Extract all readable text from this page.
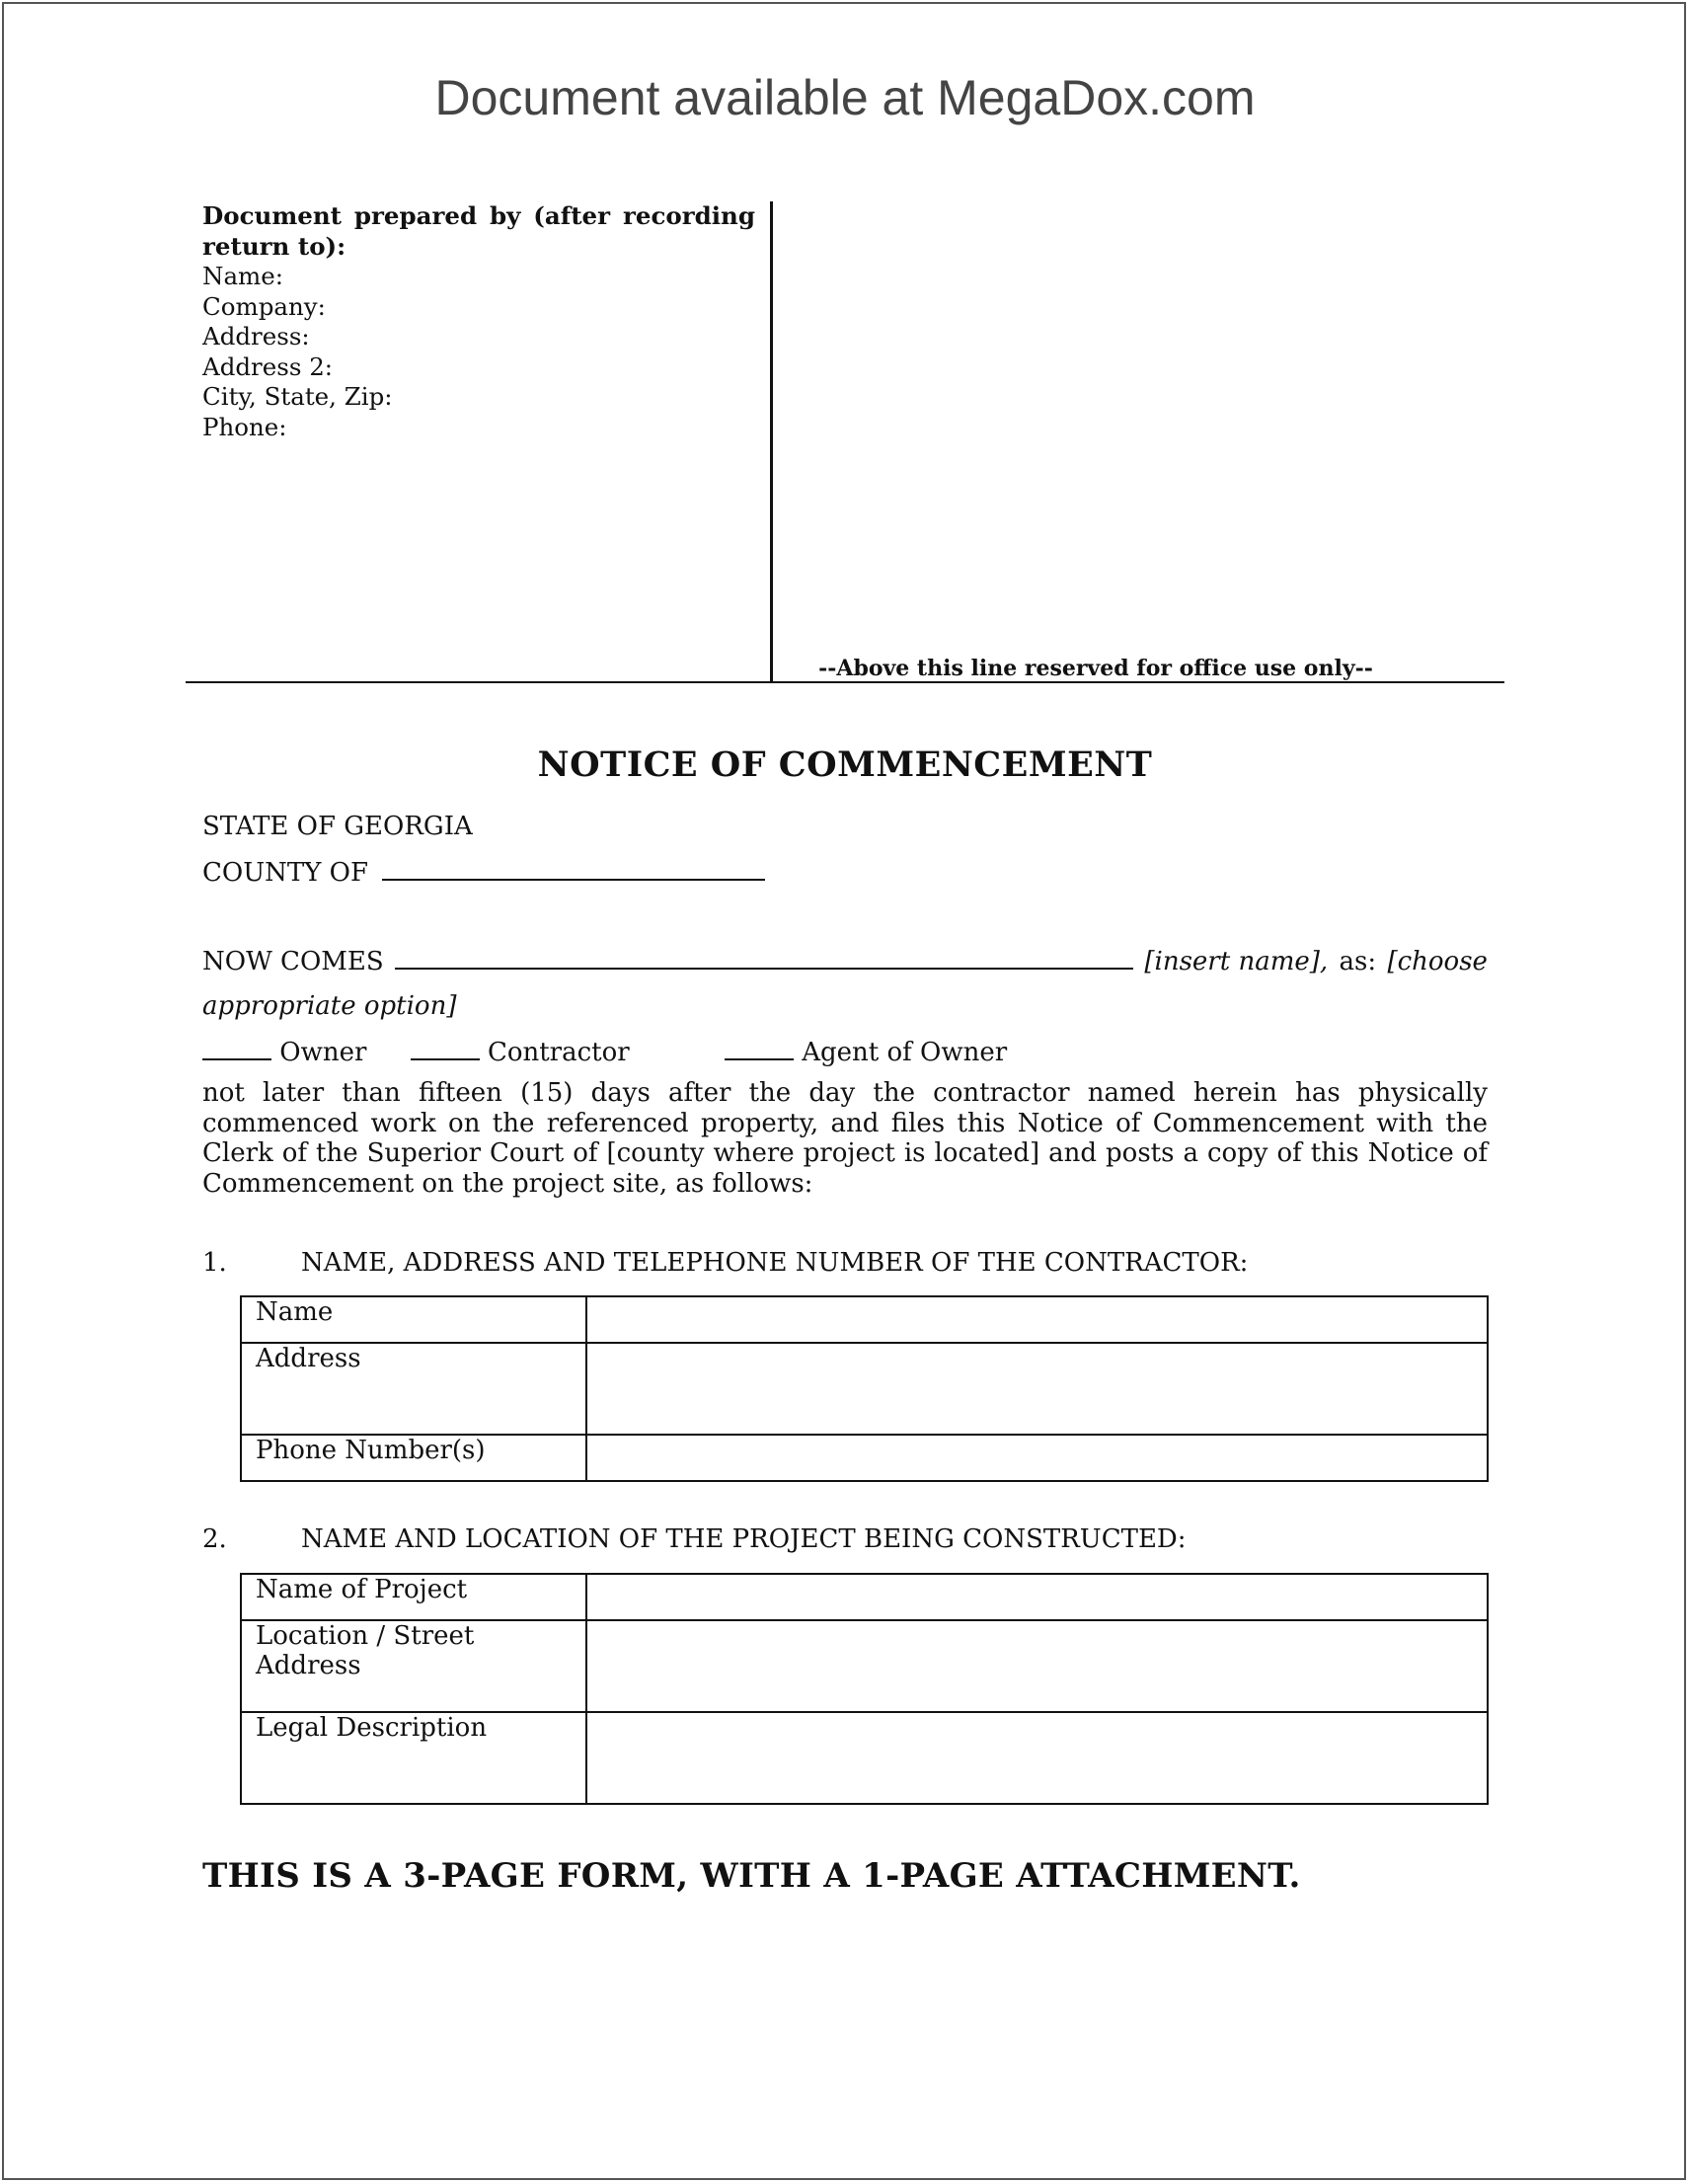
Document available at MegaDox.com
Document prepared by (after recording return to):
Name:
Company:
Address:
Address 2:
City, State, Zip:
Phone:
--Above this line reserved for office use only--
NOTICE OF COMMENCEMENT
STATE OF GEORGIA
COUNTY OF
NOW COMES	[insert name], as: [choose
appropriate option]
Owner	Contractor	Agent of Owner
not later than fifteen (15) days after the day the contractor named herein has physically commenced work on the referenced property, and files this Notice of Commencement with the Clerk of the Superior Court of [county where project is located] and posts a copy of this Notice of Commencement on the project site, as follows:
1.	NAME, ADDRESS AND TELEPHONE NUMBER OF THE CONTRACTOR:
Name	
Address	
Phone Number(s)	
2.	NAME AND LOCATION OF THE PROJECT BEING CONSTRUCTED:
Name of Project	
Location / Street Address	
Legal Description	
THIS IS A 3-PAGE FORM, WITH A 1-PAGE ATTACHMENT.
